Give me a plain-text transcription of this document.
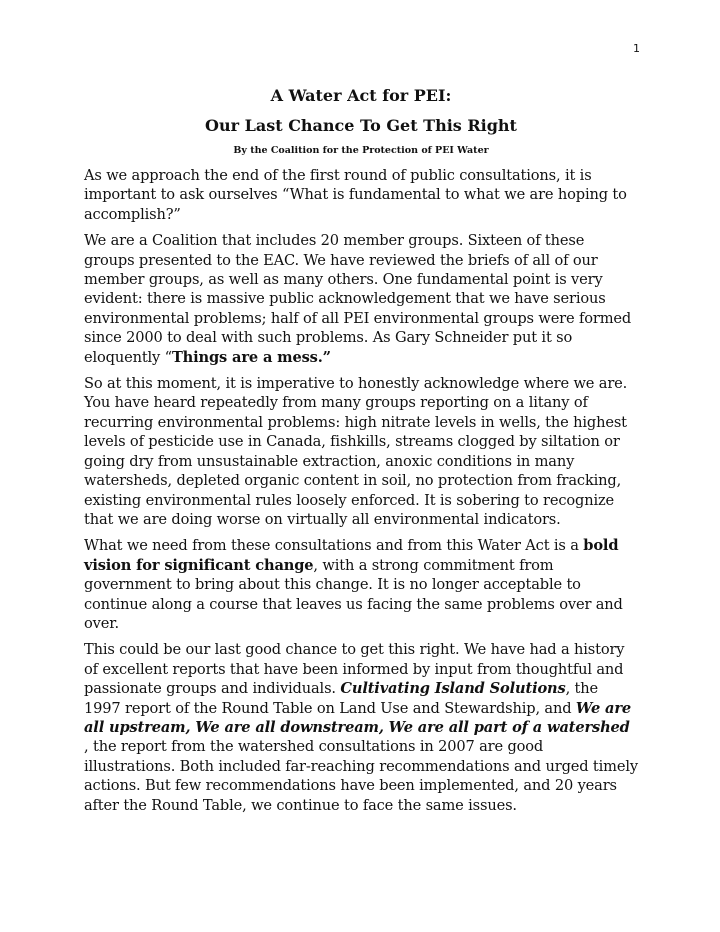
1

A Water Act for PEI:

Our Last Chance To Get This Right

By the Coalition for the Protection of PEI Water

As we approach the end of the first round of public consultations, it is important to ask ourselves “What is fundamental to what we are hoping to accomplish?”

We are a Coalition that includes 20 member groups. Sixteen of these groups presented to the EAC. We have reviewed the briefs of all of our member groups, as well as many others. One fundamental point is very evident: there is massive public acknowledgement that we have serious environmental problems; half of all PEI environmental groups were formed since 2000 to deal with such problems. As Gary Schneider put it so eloquently “Things are a mess.”

So at this moment, it is imperative to honestly acknowledge where we are. You have heard repeatedly from many groups reporting on a litany of recurring environmental problems: high nitrate levels in wells, the highest levels of pesticide use in Canada, fishkills, streams clogged by siltation or going dry from unsustainable extraction, anoxic conditions in many watersheds, depleted organic content in soil, no protection from fracking, existing environmental rules loosely enforced. It is sobering to recognize that we are doing worse on virtually all environmental indicators.

What we need from these consultations and from this Water Act is a bold vision for significant change, with a strong commitment from government to bring about this change. It is no longer acceptable to continue along a course that leaves us facing the same problems over and over.

This could be our last good chance to get this right. We have had a history of excellent reports that have been informed by input from thoughtful and passionate groups and individuals. Cultivating Island Solutions, the 1997 report of the Round Table on Land Use and Stewardship, and We are all upstream, We are all downstream, We are all part of a watershed , the report from the watershed consultations in 2007 are good illustrations. Both included far-reaching recommendations and urged timely actions. But few recommendations have been implemented, and 20 years after the Round Table, we continue to face the same issues.
